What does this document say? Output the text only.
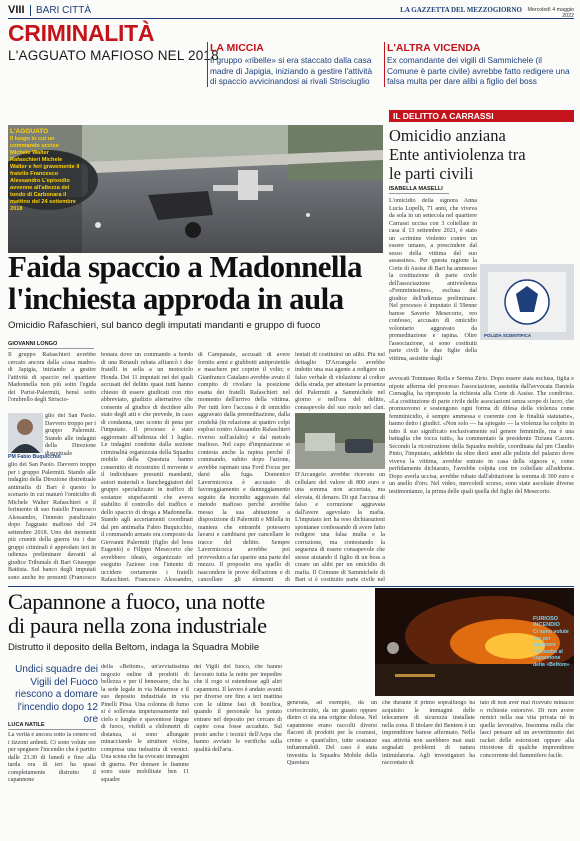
VIII BARI CITTÀ	LA GAZZETTA DEL MEZZOGIORNO	Mercoledì 4 maggio 2022
CRIMINALITÀ
L'AGGUATO MAFIOSO NEL 2018
LA MICCIA
Il gruppo «ribelle» si era staccato dalla casa madre di Japigia, iniziando a gestire l'attività di spaccio avvicinandosi ai rivali Strisciuglio
L'ALTRA VICENDA
Ex comandante dei vigili di Sammichele (il Comune è parte civile) avrebbe fatto redigere una falsa multa per dare alibi a figlio del boss
L'AGGUATO
Il luogo in cui un commando uccise Michele Walter Rafaschieri Michele Walter e feri gravemente il fratello Francesco Alessandro L'episodio avvenne all'altezza del tondo di Carbonara il mattino del 24 settembre 2018
Faida spaccio a Madonnella
l'inchiesta approda in aula
Omicidio Rafaschieri, sul banco degli imputati mandanti e gruppo di fuoco
GIOVANNI LONGO
Il gruppo Rafaschieri avrebbe cercato ancora dalla «casa madre» di Japigia, iniziando a gestire l'attività di spaccio nel quartiere Madonnella non più sotto l'egida dei Parisi-Palermiti, bensì sotto l'ombrello degli Striscio-
PM Fabio Buquicchio
glio del San Paolo. Davvero troppo per i gruppo Palermiti. Stando alle indagini della Direzione distrettuale
glio del San Paolo. Davvero troppo per i gruppo Palermiti. Stando alle indagini della Direzione distrettuale antimafia di Bari è questo lo scenario in cui maturò l'omicidio di Michele Walter Rafaschieri e il ferimento di suo fratello Francesco Alessandro, l'innesto paralizzato dopo l'agguato mafioso del 24 settembre 2018. Uno dei momenti più cruenti della guerra tra i due gruppi criminali è approdato ieri in udienza preliminare davanti al giudice Tribunale di Bari Giuseppe Battista. Sul banco degli imputati sono anche tre presunti (Francesco
bonara dove un commando a bordo di una Renault rubata affiancò i due fratelli in sella a un motociclo Honda. Dei 11 imputati nei dei quali accusati del delitto quasi tutti hanno chiesto di essere giudicati con rito abbreviato, giudizio alternativo che consente al giudice di decidere allo stato degli atti e che prevede, in caso di condanna, uno sconto di pena per l'imputato. Il processo è stato aggiornato all'udienza del 1 luglio. Le indagini condotte dalla sezione criminalità organizzata della Squadra mobile della Questura hanno consentito di ricostruire il movente e il individuare presunti mandanti, autori materiali e fiancheggiatori del gruppo specializzato in traffico di sostanze stupefacenti che aveva stabilito il controllo del traffico e dello spaccio di droga a Madonnella. Stando agli accertamenti coordinati dal pm antimafia Fabio Buquicchio, il commando armato era composto da Giovanni Palermiti (figlio del boss Eugenio) e Filippo Mesecorto che avrebbero ideato, organizzato ed eseguito l'azione con l'intento di uccidere certamente i fratelli Rafaschieri. Francesco Alessandro,
di Campanale, accusati di avere fornito armi e giubbotti antiproiettile e maschere per coprire il volto; e Gianfranco Catalano avrebbe avuto il compito di rivelare la posizione esatta dei fratelli Rafaschieri nel momento dell'arrivo della vittima. Per tutti loro l'accusa è di omicidio aggravato dalla premeditazione, dalla crudeltà (in relazione ai quattro colpi esplosi contro Alessandro Rafaschieri riverso sull'asfalto) e dal metodo mafioso. Nel capo d'imputazione si contesta anche la rapina perché il commando, subito dopo l'azione, avrebbe rapinato una Ford Focus per darsi alla fuga. Domenico Lavermicocca è accusato di favoreggiamento e danneggiamento seguito da incendio aggravato dal metodo mafioso perché avrebbe messo la sua abitazione a disposizione di Palermiti e Milella in maniera che entrambi potessero lavarsi e cambiarsi per cancellare le tracce del delitto. Sempre Lavermicocca avrebbe poi provveduto a far sparire una parte del mezzo. Il proposito era quello di nascondere le prove dell'azione e di cancellare gli elementi di
lentati di costituirsi un alibi. Più nel dettaglio D'Arcangelo avrebbe indotto una sua agente a redigere un falso verbale di violazione al codice della strada, per attestare la presenza del Palermiti a Sammichele nel giorno e nell'ora del delitto, consapevole del suo ruolo nel clan.
D'Arcangelo avrebbe ricevuto un cellulare del valore di 800 euro e una somma non accertata, ma elevata, di denaro. Di qui l'accusa di falso e corruzione aggravata dall'avere agevolato la mafia. L'imputato ieri ha reso dichiarazioni spontanee confessando di avere fatto redigere una falsa multa e la corruzione, ma contestando la seguenza di essere consapevole che stesse aiutando il figlio di un boss a creare un alibi per un omicidio di mafia. Il Comune di Sammichele di Bari si è costituito parte civile nel
IL DELITTO A CARRASSI
Omicidio anziana Ente antiviolenza tra le parti civili
ISABELLA MASELLI
L'omicidio della signora Anna Lucia Lupelli, 71 anni, che viveva da sola in un settecola nel quartiere Carrassi uccisa con 3 coltellate in casa il 13 settembre 2021, è stato un «crimine violento contro un essere umano, a prescindere dal sesso della vittima del suo assassino». Per questa ragione la Corte di Assise di Bari ha ammesso la costituzione di parte civile dell'associazione antiviolenza «Femminissimo», esclusa dal giudice dell'udienza preliminare. Nel processo è imputato il 59enne barese Saverio Mesecorto, reo confesso, accusato di omicidio volontario aggravato da premeditazione e rapina. Oltre l'associazione, si sono costituiti parte civili le due figlie della vittima, assistite dagli
POLIZIA SCIENTIFICA
avvocati Tommaso Rella e Serena Zirio. Dopo essere stata esclusa, figlia e nipote afferma del processo l'associazione, assistita dall'avvocata Daniela Cornaglia, ha riproposto la richiesta alla Corte di Assise. The condiviso. «La costituzione di parte civile delle associazioni senza scopo di lucro, che promuovono e sostengono ogni forma di difesa della violenza come femminicidio, è sempre ammessa e coerente con le finalità statutarie», hanno detto i giudici. «Non solo — ha spiegato — la violenza ha colpito in tutto il suo significato esclusivamente sul genere femminile, ma è una battaglia che tocca tutti», ha commentato la presidente Tiziana Cazore. Secondo la ricostruzione della Squadra mobile, coordinata dal pm Claudio Pinto, l'imputato, addebito da oltre dieci anni alle pulizie del palazzo dove viveva la vittima, avrebbe entrato in casa della signora e, come perfidamente dichiarato, l'avrebbe colpita con tre coltellate all'addome. Dopo averla uccisa, avrebbe rubato dall'abitazione la somma di 300 euro e un anello d'oro. Nel video, mercoledì scorso, sono state ascoltate diverse testimonianze, la prima delle quali quella del figlio del Mesecorto.
Capannone a fuoco, una notte
di paura nella zona industriale
Distrutto il deposito della Beltom, indaga la Squadra Mobile
FURIOSO INCENDIO
Ci sono volute ore per spegnere l'incendio al capannone della «Beltom»
Undici squadre dei Vigili del Fuoco riescono a domare l'incendio dopo 12 ore
LUCA NATILE
La verità è ancora sotto la cenere ed i tizzoni ardenti. Ci sono volute ore per spegnere l'incendio che è partito dalle 23.30 di lunedì e fino alla tarda ora di ieri ha quasi completamente distrutto il capannone
della «Beltom», un'avviatissima negozio online di prodotti di bellezza e per il benessere, che ha la sede legale in via Matarrese e il suo deposito industriale in via Pinelli Pitsa. Una colonna di fumo si è sollevata impetuosamente nel cielo e lunghe e spaventose lingue di fuoco, visibili a chilometri di distanza, si sono allungate minacciando le strutture vicine, compresa una industria di vernici. Una scena che ha evocato immagini di guerra. Per domare le fiamme sono state mobilitate ben 11 squadre
dei Vigili del fuoco, che hanno lavorato tutta la notte per impedire che il rogo si estendesse agli altri capannoni. Il lavoro è andato avanti per diverse ore fino a ieri mattina con le ultime fasi di bonifica, quando il personale ha potuto entrare nel deposito per cercare di capire cosa fosse accaduto. Sul posto anche i tecnici dell'Arpa che hanno avviato le verifiche sulla qualità dell'aria.
generata, ad esempio, da un cortocircuito, da un guasto oppure dietro ci sia una origine dolosa. Nel capannone erano raccolti diversi flaconi di prodotti per la cosmesi, creme e quant'altro, tutte sostanze infiammabili. Del caso è stata investita la Squadra Mobile della Questura
che durante il primo sopralluogo ha acquisito le immagini delle telecamere di sicurezza installate nella zona. Il titolare dei Bentem è un imprenditore barese affermato. Nella sua attività non sarebbero mai stati segnalati problemi di natura intimidatoria. Agli investigatori ha raccontato di
tato di non aver mai ricevuto minacce o richieste estorsive. Di non avere nemici nella sua vita privata né in quella lavorativa. Insomma nulla che lasci pensare ad un avvertimento dei racket delle estorsioni oppure alla ritorsione di qualche imprenditore concorrente del fiammifero facile.
